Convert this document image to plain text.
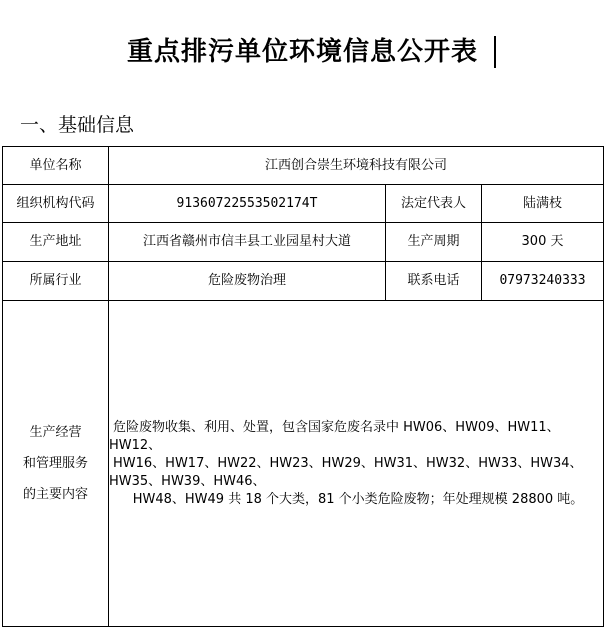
重点排污单位环境信息公开表
一、基础信息
单位名称	江西创合崇生环境科技有限公司		
组织机构代码	91360722553502174T	法定代表人	陆满枝
生产地址	江西省赣州市信丰县工业园星村大道	生产周期	300 天
所属行业	危险废物治理	联系电话	07973240333

生产经营
和管理服务
的主要内容	危险废物收集、利用、处置，包含国家危废名录中 HW06、HW09、HW11、HW12、
HW16、HW17、HW22、HW23、HW29、HW31、HW32、HW33、HW34、HW35、HW39、HW46、
HW48、HW49 共 18 个大类，81 个小类危险废物；年处理规模 28800 吨。		
